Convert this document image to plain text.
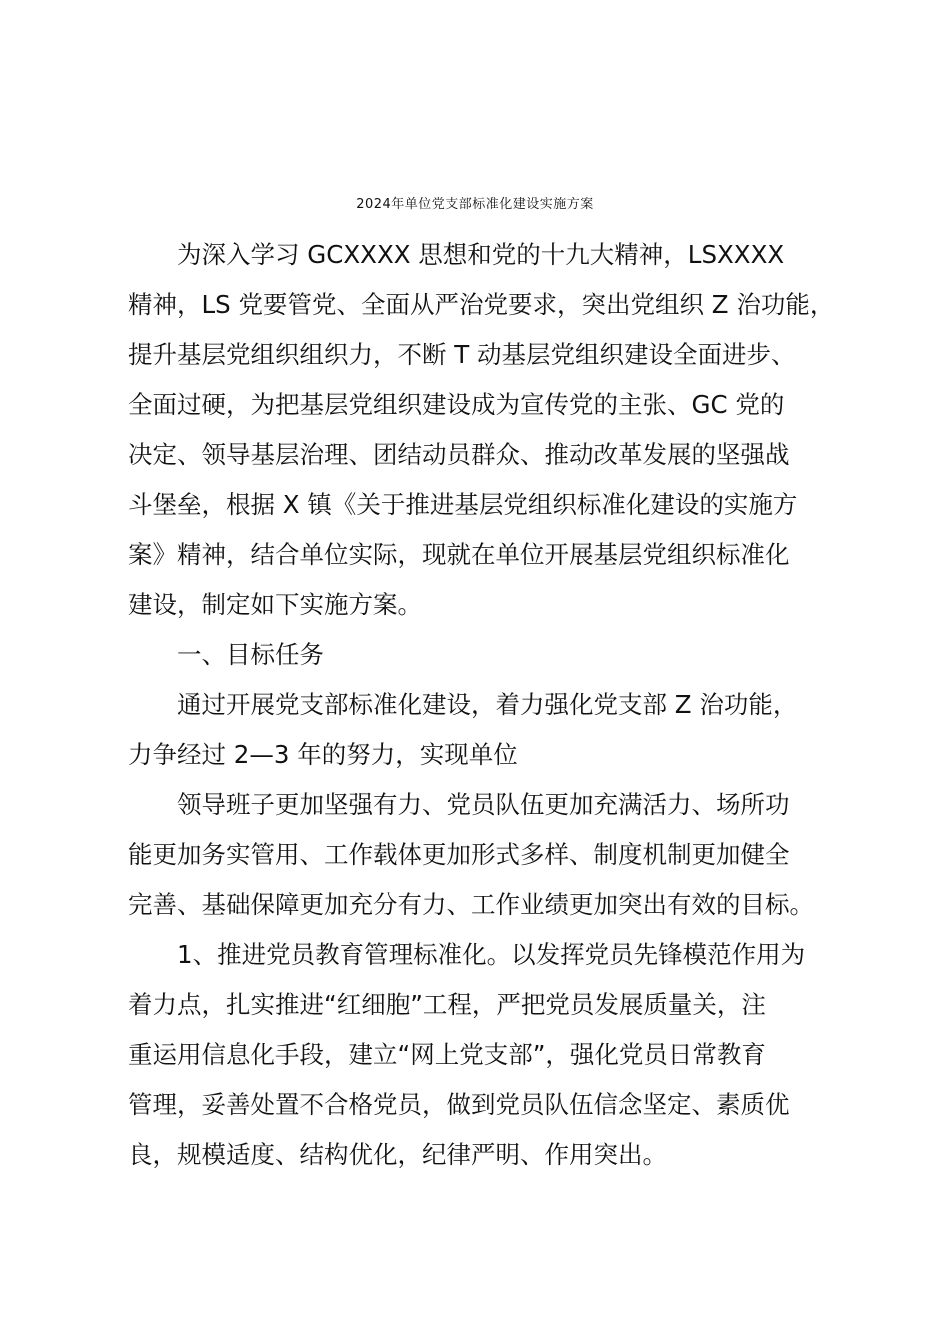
2024年单位党支部标准化建设实施方案
为深入学习 GCXXXX 思想和党的十九大精神，LSXXXX
精神，LS 党要管党、全面从严治党要求，突出党组织 Z 治功能，
提升基层党组织组织力，不断 T 动基层党组织建设全面进步、
全面过硬，为把基层党组织建设成为宣传党的主张、GC 党的
决定、领导基层治理、团结动员群众、推动改革发展的坚强战
斗堡垒，根据 X 镇《关于推进基层党组织标准化建设的实施方
案》精神，结合单位实际，现就在单位开展基层党组织标准化
建设，制定如下实施方案。
一、目标任务
通过开展党支部标准化建设，着力强化党支部 Z 治功能，
力争经过 2—3 年的努力，实现单位
领导班子更加坚强有力、党员队伍更加充满活力、场所功
能更加务实管用、工作载体更加形式多样、制度机制更加健全
完善、基础保障更加充分有力、工作业绩更加突出有效的目标。
1、推进党员教育管理标准化。以发挥党员先锋模范作用为
着力点，扎实推进“红细胞”工程，严把党员发展质量关，注
重运用信息化手段，建立“网上党支部”，强化党员日常教育
管理，妥善处置不合格党员，做到党员队伍信念坚定、素质优
良，规模适度、结构优化，纪律严明、作用突出。
